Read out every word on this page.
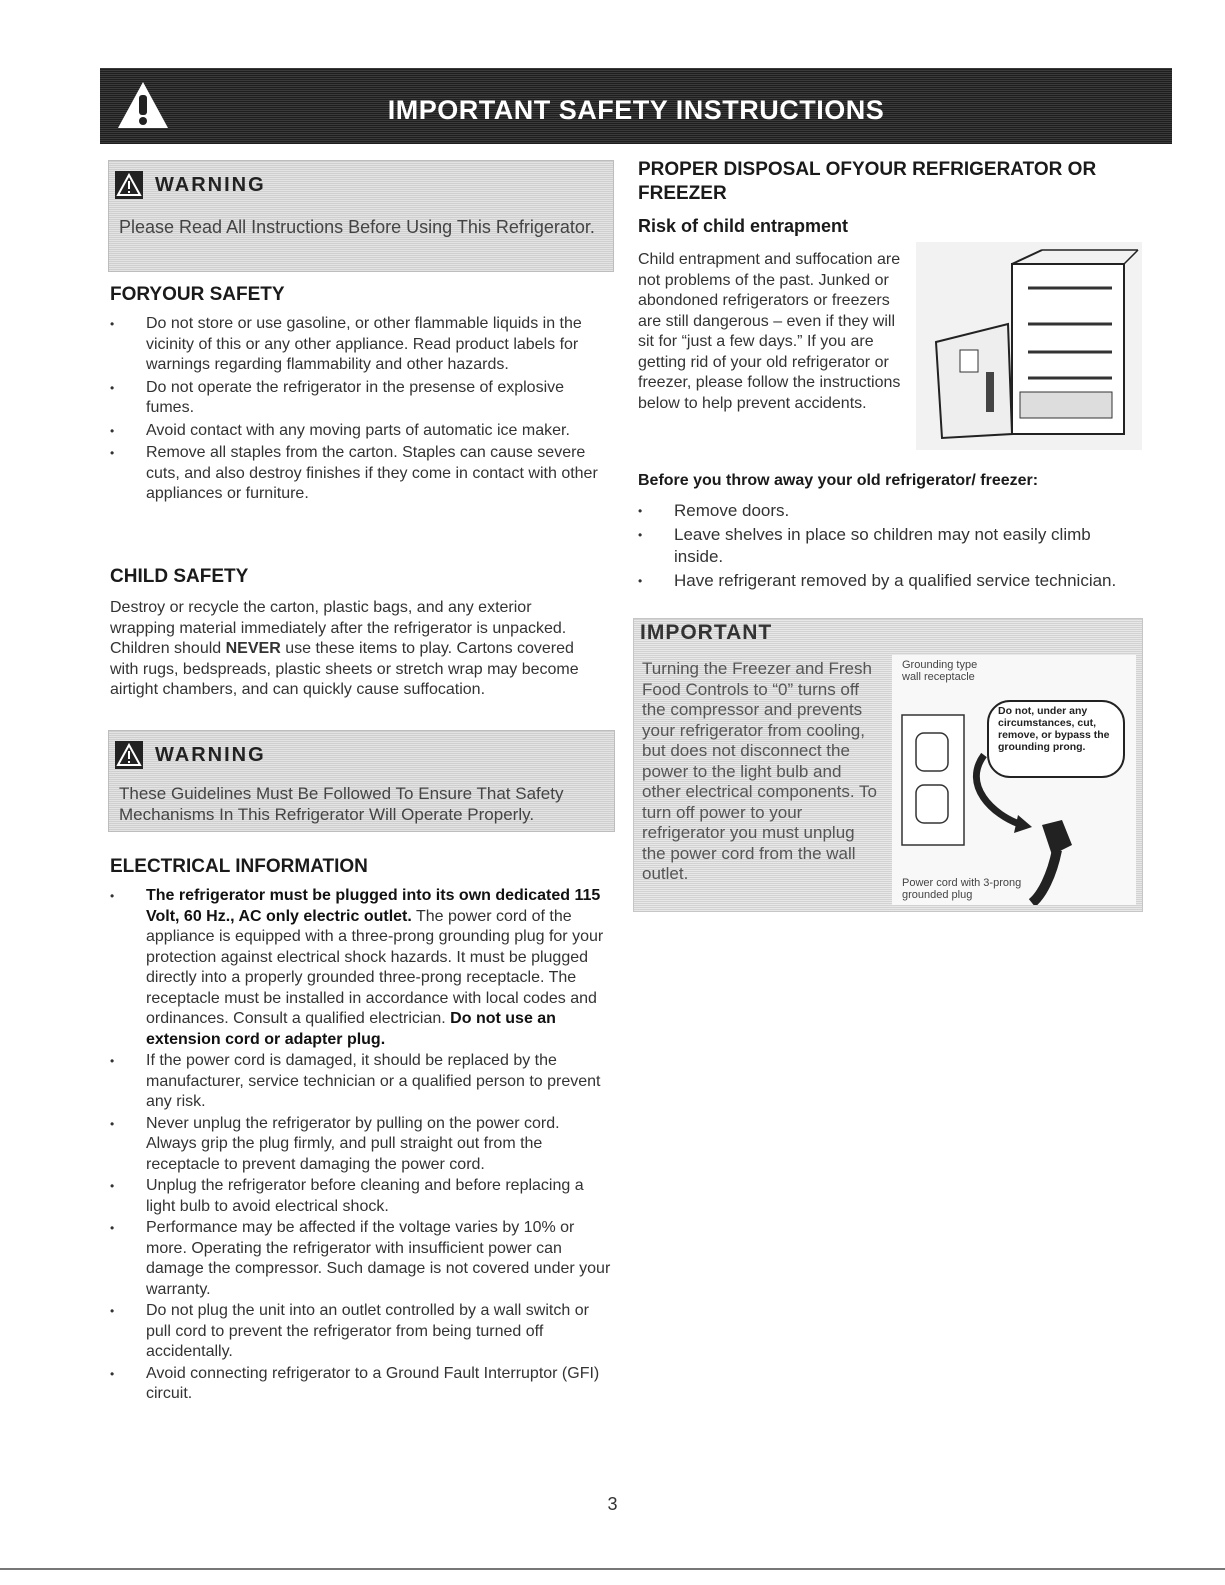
IMPORTANT SAFETY INSTRUCTIONS
WARNING
Please Read All Instructions Before Using This Refrigerator.
FORYOUR SAFETY
• Do not store or use gasoline, or other flammable liquids in the vicinity of this or any other appliance. Read product labels for warnings regarding flammability and other hazards.
• Do not operate the refrigerator in the presense of explosive fumes.
• Avoid contact with any moving parts of automatic ice maker.
• Remove all staples from the carton. Staples can cause severe cuts, and also destroy finishes if they come in contact with other appliances or furniture.
CHILD SAFETY

Destroy or recycle the carton, plastic bags, and any exterior wrapping material immediately after the refrigerator is unpacked. Children should NEVER use these items to play. Cartons covered with rugs, bedspreads, plastic sheets or stretch wrap may become airtight chambers, and can quickly cause suffocation.

WARNING
These Guidelines Must Be Followed To Ensure That Safety Mechanisms In This Refrigerator Will Operate Properly.
ELECTRICAL INFORMATION
• The refrigerator must be plugged into its own dedicated 115 Volt, 60 Hz., AC only electric outlet. The power cord of the appliance is equipped with a three-prong grounding plug for your protection against electrical shock hazards. It must be plugged directly into a properly grounded three-prong receptacle. The receptacle must be installed in accordance with local codes and ordinances. Consult a qualified electrician. Do not use an extension cord or adapter plug.
• If the power cord is damaged, it should be replaced by the manufacturer, service technician or a qualified person to prevent any risk.
• Never unplug the refrigerator by pulling on the power cord. Always grip the plug firmly, and pull straight out from the receptacle to prevent damaging the power cord.
• Unplug the refrigerator before cleaning and before replacing a light bulb to avoid electrical shock.
• Performance may be affected if the voltage varies by 10% or more. Operating the refrigerator with insufficient power can damage the compressor. Such damage is not covered under your warranty.
• Do not plug the unit into an outlet controlled by a wall switch or pull cord to prevent the refrigerator from being turned off accidentally.
• Avoid connecting refrigerator to a Ground Fault Interruptor (GFI) circuit.
PROPER DISPOSAL OFYOUR REFRIGERATOR OR FREEZER
Risk of child entrapment

Child entrapment and suffocation are not problems of the past. Junked or abondoned refrigerators or freezers are still dangerous – even if they will sit for “just a few days.” If you are getting rid of your old refrigerator or freezer, please follow the instructions below to help prevent accidents.

Before you throw away your old refrigerator/ freezer:
• Remove doors.
• Leave shelves in place so children may not easily climb inside.
• Have refrigerant removed by a qualified service technician.
IMPORTANT
Turning the Freezer and Fresh Food Controls to “0” turns off the compressor and prevents your refrigerator from cooling, but does not disconnect the power to the light bulb and other electrical components. To turn off power to your refrigerator you must unplug the power cord from the wall outlet.
Grounding type wall receptacle
Do not, under any circumstances, cut, remove, or bypass the grounding prong.
Power cord with 3-prong grounded plug
3
